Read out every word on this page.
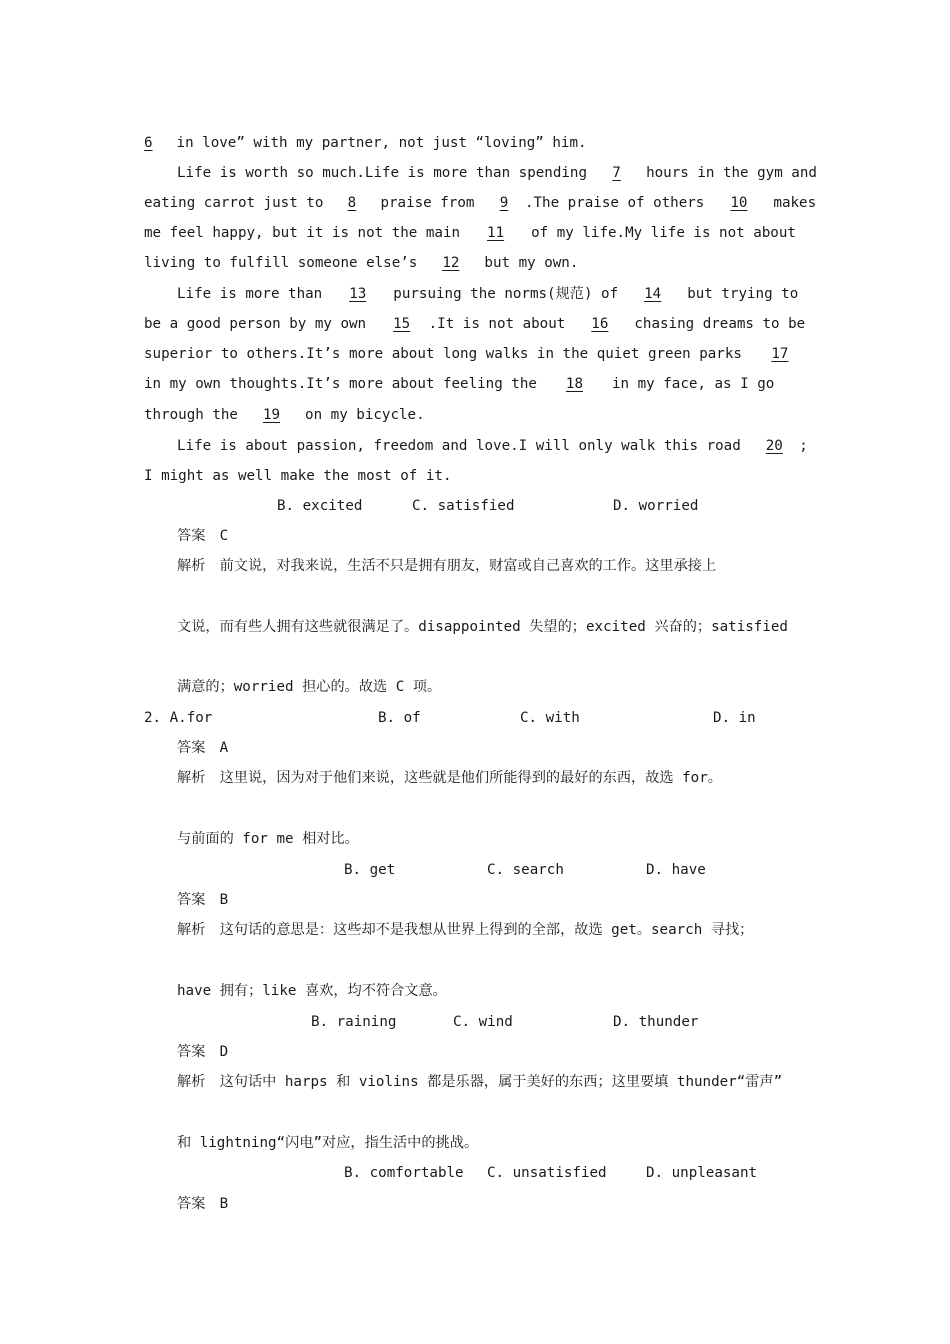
6 in love” with my partner, not just “loving” him.
Life is worth so much.Life is more than spending 7 hours in the gym and
eating carrot just to 8 praise from 9 .The praise of others 10 makes
me feel happy, but it is not the main 11 of my life.My life is not about
living to fulfill someone else’s 12 but my own.
Life is more than 13 pursuing the norms(规范) of 14 but trying to
be a good person by my own 15 .It is not about 16 chasing dreams to be
superior to others.It’s more about long walks in the quiet green parks 17
in my own thoughts.It’s more about feeling the 18 in my face, as I go
through the 19 on my bicycle.
Life is about passion, freedom and love.I will only walk this road 20 ;
I might as well make the most of it.
B. excited	C. satisfied	D. worried
答案　C
解析　前文说，对我来说，生活不只是拥有朋友，财富或自己喜欢的工作。这里承接上
文说，而有些人拥有这些就很满足了。disappointed 失望的；excited 兴奋的；satisfied
满意的；worried 担心的。故选 C 项。
2. A.for	B. of	C. with	D. in
答案　A
解析　这里说，因为对于他们来说，这些就是他们所能得到的最好的东西，故选 for。
与前面的 for me 相对比。
B. get	C. search	D. have
答案　B
解析　这句话的意思是：这些却不是我想从世界上得到的全部，故选 get。search 寻找；
have 拥有；like 喜欢，均不符合文意。
B. raining	C. wind	D. thunder
答案　D
解析　这句话中 harps 和 violins 都是乐器，属于美好的东西；这里要填 thunder“雷声”
和 lightning“闪电”对应，指生活中的挑战。
B. comfortable C. unsatisfied	D. unpleasant
答案　B
